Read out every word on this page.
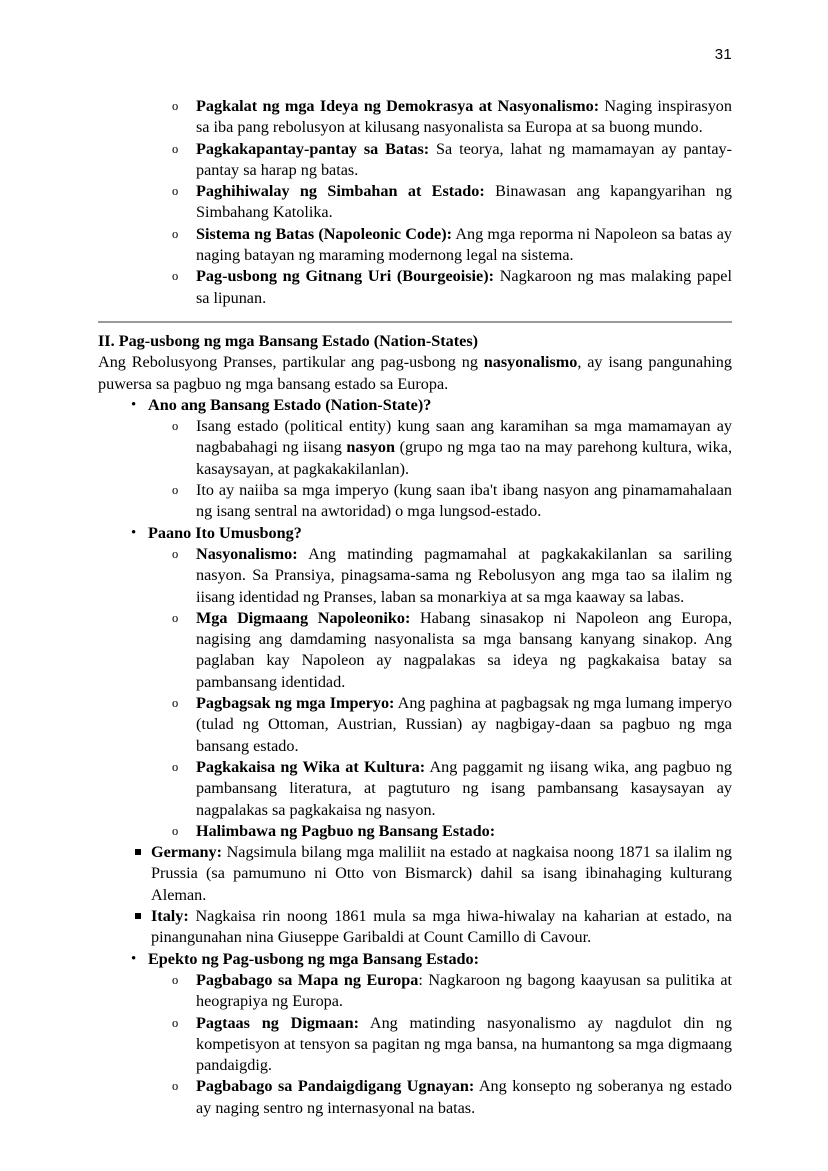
31
o Pagkalat ng mga Ideya ng Demokrasya at Nasyonalismo: Naging inspirasyon sa iba pang rebolusyon at kilusang nasyonalista sa Europa at sa buong mundo.
o Pagkakapantay-pantay sa Batas: Sa teorya, lahat ng mamamayan ay pantay-pantay sa harap ng batas.
o Paghihiwalay ng Simbahan at Estado: Binawasan ang kapangyarihan ng Simbahang Katolika.
o Sistema ng Batas (Napoleonic Code): Ang mga reporma ni Napoleon sa batas ay naging batayan ng maraming modernong legal na sistema.
o Pag-usbong ng Gitnang Uri (Bourgeoisie): Nagkaroon ng mas malaking papel sa lipunan.
II. Pag-usbong ng mga Bansang Estado (Nation-States)

Ang Rebolusyong Pranses, partikular ang pag-usbong ng nasyonalismo, ay isang pangunahing puwersa sa pagbuo ng mga bansang estado sa Europa.

• Ano ang Bansang Estado (Nation-State)?
o Isang estado (political entity) kung saan ang karamihan sa mga mamamayan ay nagbabahagi ng iisang nasyon (grupo ng mga tao na may parehong kultura, wika, kasaysayan, at pagkakakilanlan).
o Ito ay naiiba sa mga imperyo (kung saan iba't ibang nasyon ang pinamamahalaan ng isang sentral na awtoridad) o mga lungsod-estado.
• Paano Ito Umusbong?
o Nasyonalismo: Ang matinding pagmamahal at pagkakakilanlan sa sariling nasyon. Sa Pransiya, pinagsama-sama ng Rebolusyon ang mga tao sa ilalim ng iisang identidad ng Pranses, laban sa monarkiya at sa mga kaaway sa labas.
o Mga Digmaang Napoleoniko: Habang sinasakop ni Napoleon ang Europa, nagising ang damdaming nasyonalista sa mga bansang kanyang sinakop. Ang paglaban kay Napoleon ay nagpalakas sa ideya ng pagkakaisa batay sa pambansang identidad.
o Pagbagsak ng mga Imperyo: Ang paghina at pagbagsak ng mga lumang imperyo (tulad ng Ottoman, Austrian, Russian) ay nagbigay-daan sa pagbuo ng mga bansang estado.
o Pagkakaisa ng Wika at Kultura: Ang paggamit ng iisang wika, ang pagbuo ng pambansang literatura, at pagtuturo ng isang pambansang kasaysayan ay nagpalakas sa pagkakaisa ng nasyon.
o Halimbawa ng Pagbuo ng Bansang Estado:
Germany: Nagsimula bilang mga maliliit na estado at nagkaisa noong 1871 sa ilalim ng Prussia (sa pamumuno ni Otto von Bismarck) dahil sa isang ibinahaging kulturang Aleman.
Italy: Nagkaisa rin noong 1861 mula sa mga hiwa-hiwalay na kaharian at estado, na pinangunahan nina Giuseppe Garibaldi at Count Camillo di Cavour.
• Epekto ng Pag-usbong ng mga Bansang Estado:
o Pagbabago sa Mapa ng Europa: Nagkaroon ng bagong kaayusan sa pulitika at heograpiya ng Europa.
o Pagtaas ng Digmaan: Ang matinding nasyonalismo ay nagdulot din ng kompetisyon at tensyon sa pagitan ng mga bansa, na humantong sa mga digmaang pandaigdig.
o Pagbabago sa Pandaigdigang Ugnayan: Ang konsepto ng soberanya ng estado ay naging sentro ng internasyonal na batas.
